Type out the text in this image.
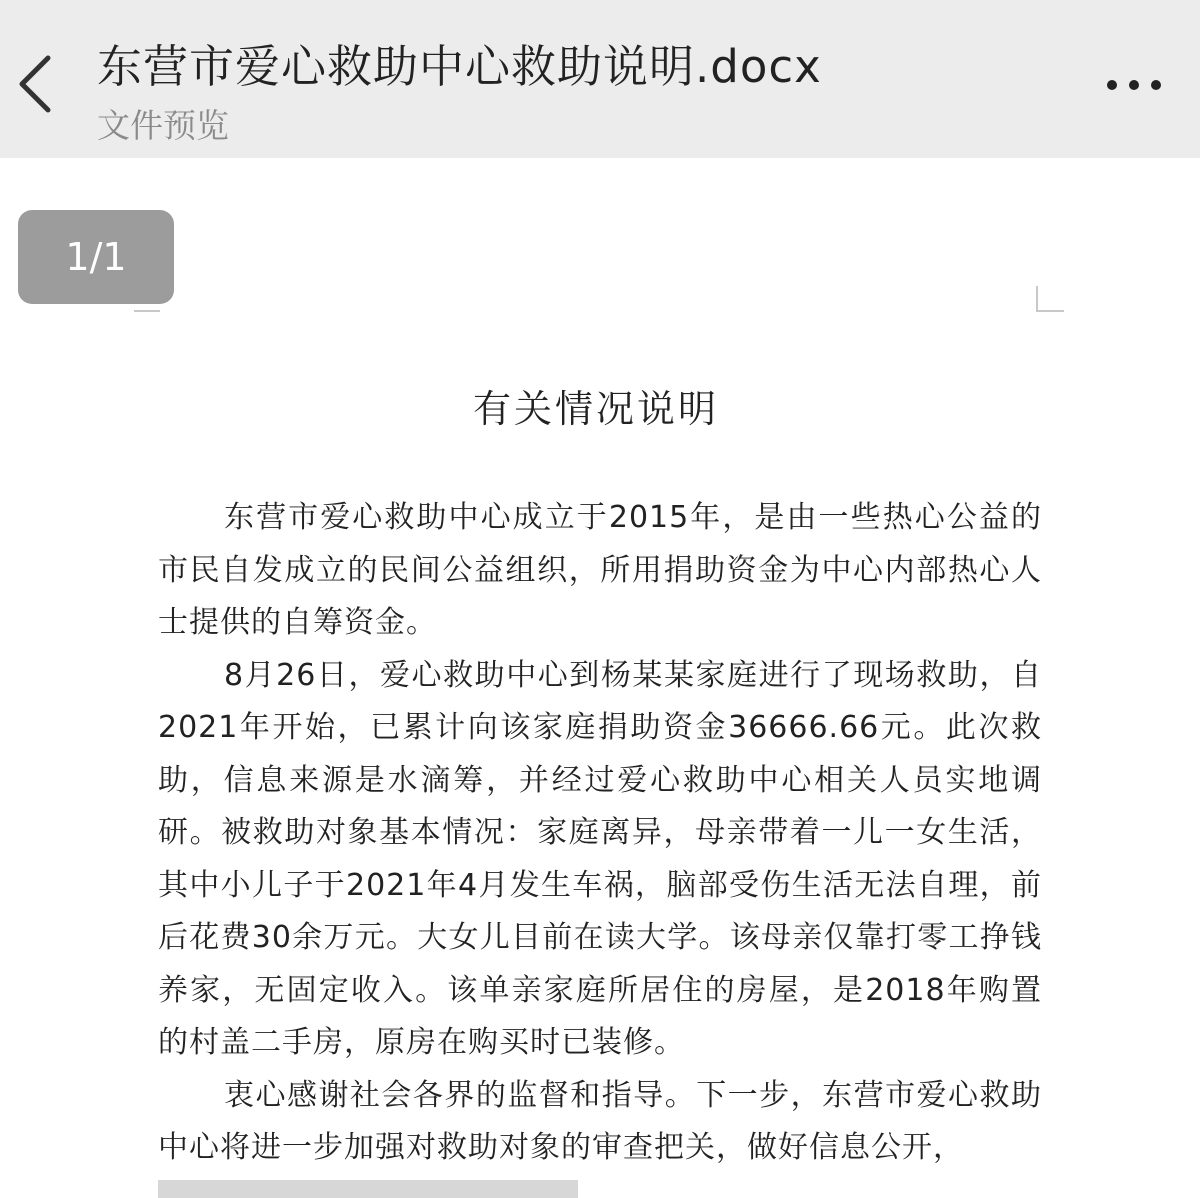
东营市爱心救助中心救助说明.docx
文件预览
1/1
有关情况说明

东营市爱心救助中心成立于2015年，是由一些热心公益的市民自发成立的民间公益组织，所用捐助资金为中心内部热心人士提供的自筹资金。

8月26日，爱心救助中心到杨某某家庭进行了现场救助，自2021年开始，已累计向该家庭捐助资金36666.66元。此次救助，信息来源是水滴筹，并经过爱心救助中心相关人员实地调研。被救助对象基本情况：家庭离异，母亲带着一儿一女生活，其中小儿子于2021年4月发生车祸，脑部受伤生活无法自理，前后花费30余万元。大女儿目前在读大学。该母亲仅靠打零工挣钱养家，无固定收入。该单亲家庭所居住的房屋，是2018年购置的村盖二手房，原房在购买时已装修。

衷心感谢社会各界的监督和指导。下一步，东营市爱心救助中心将进一步加强对救助对象的审查把关，做好信息公开，
